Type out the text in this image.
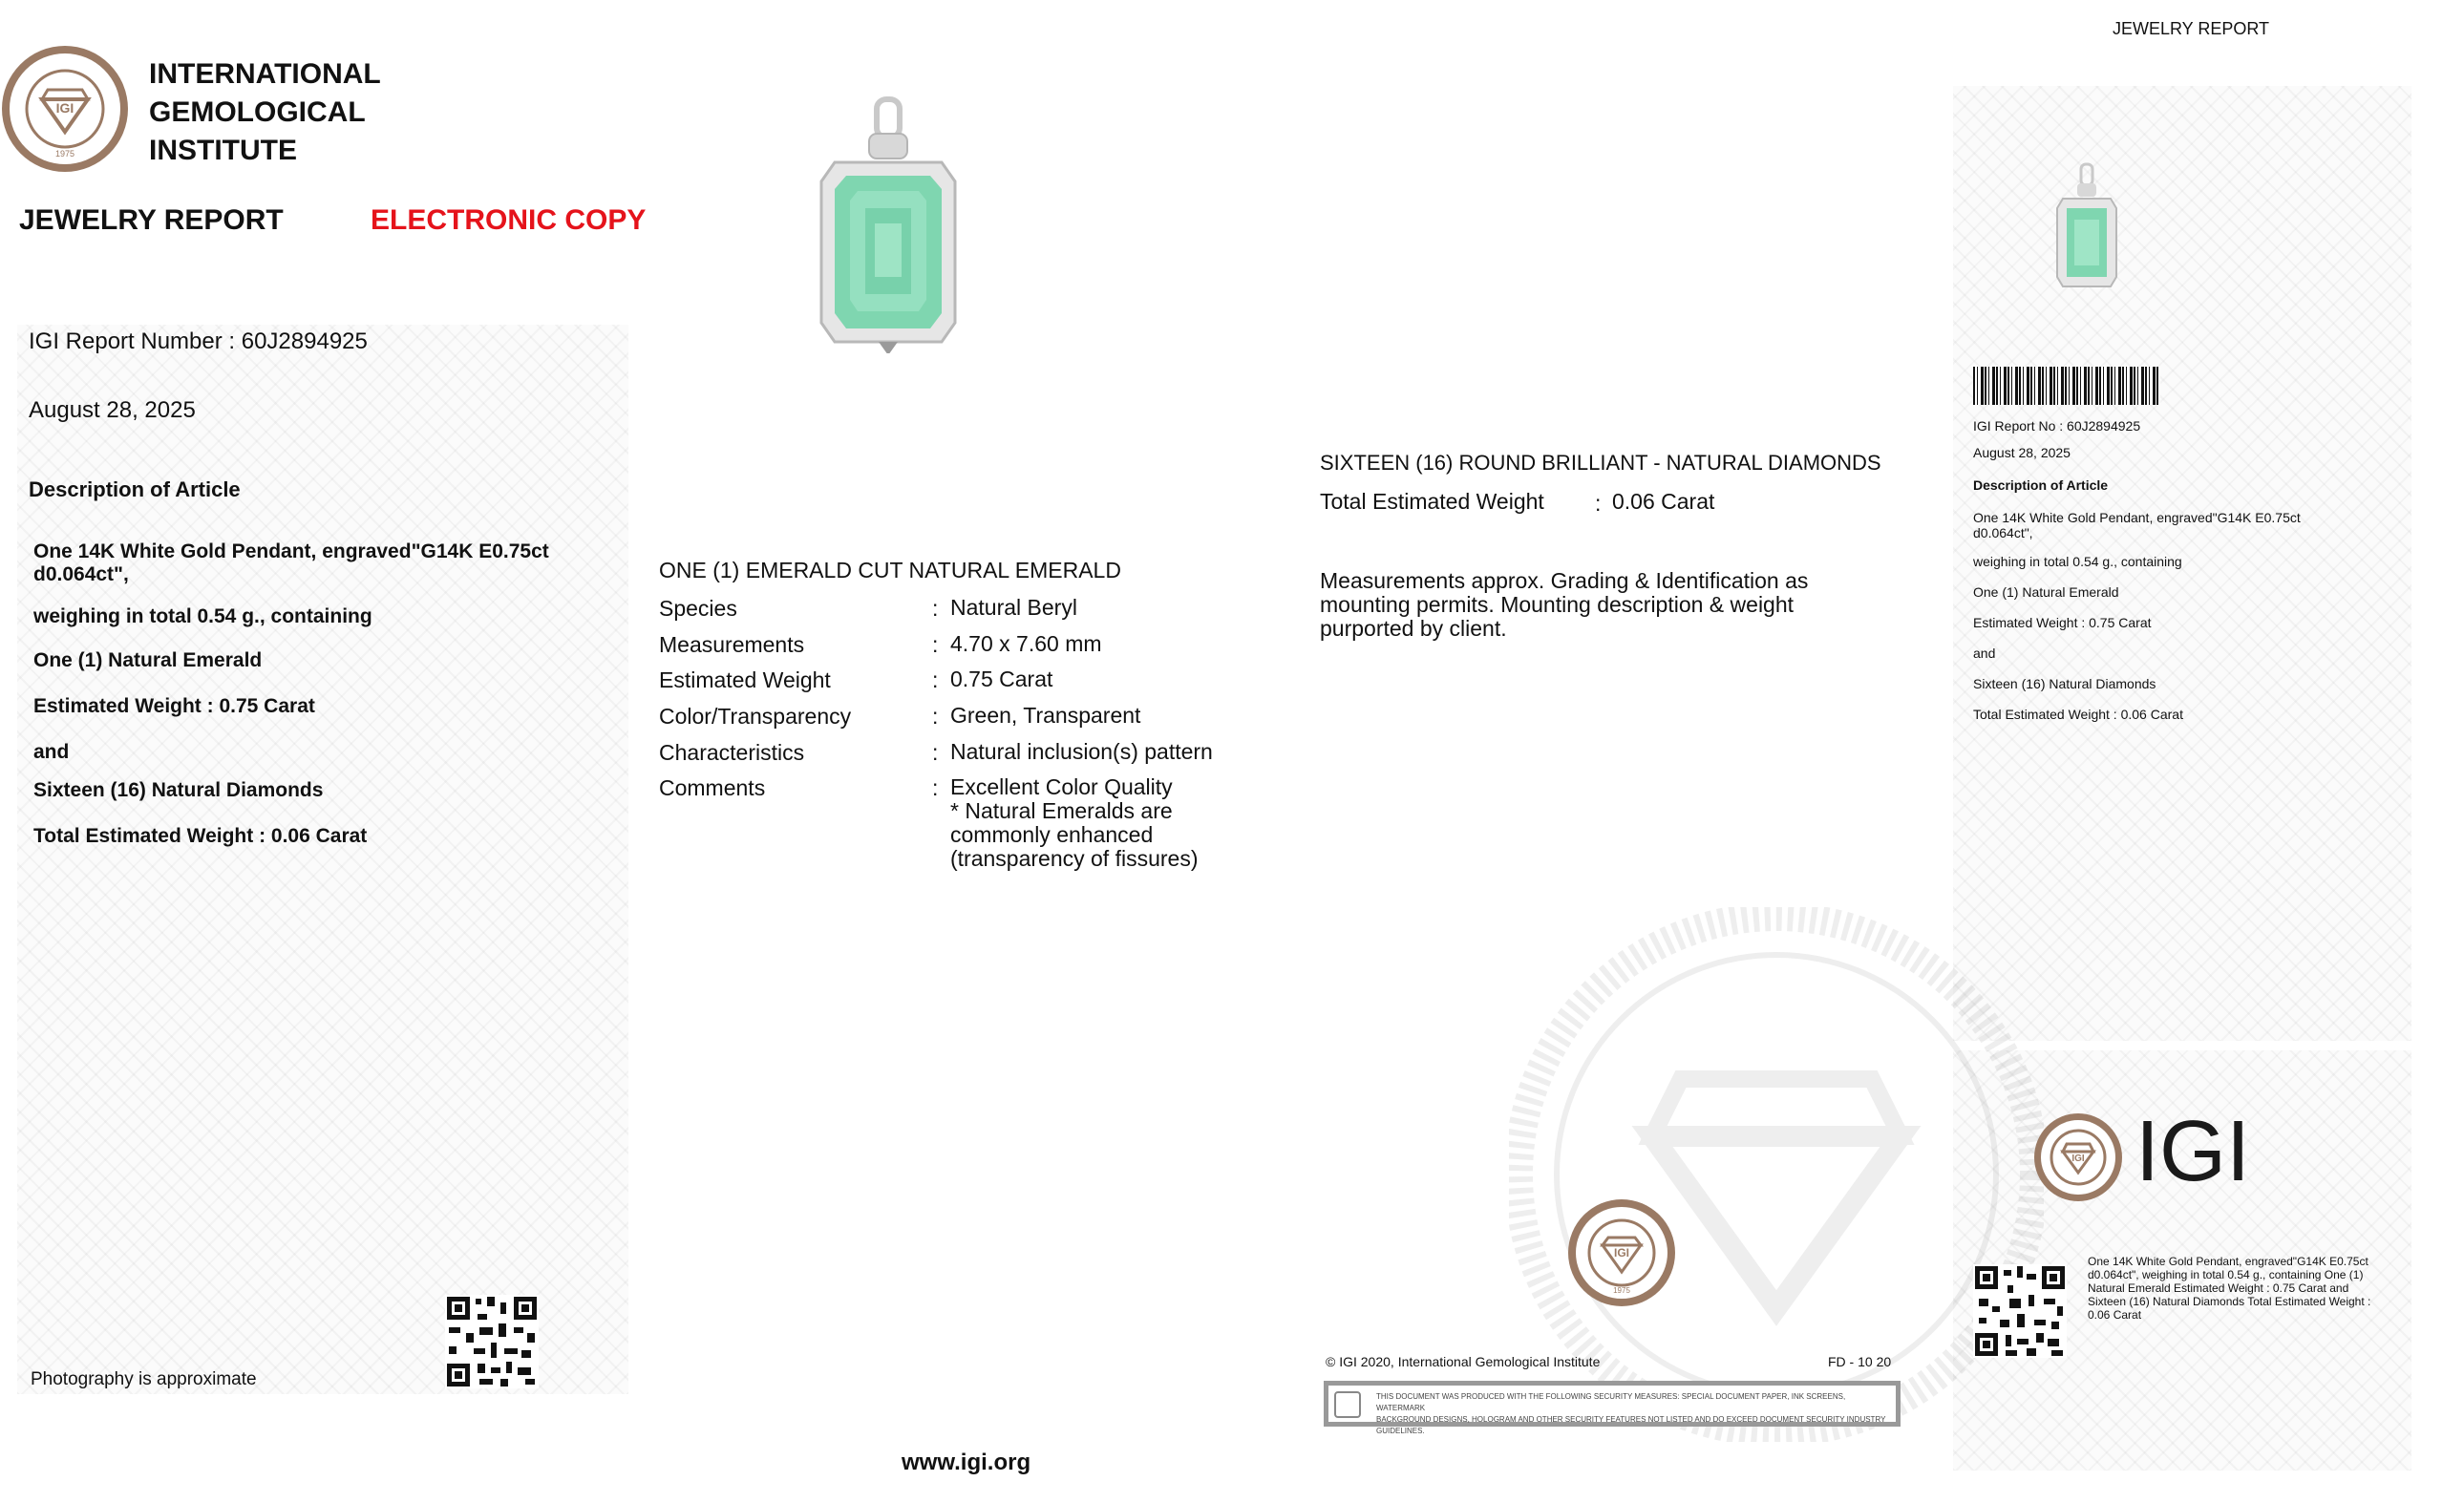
JEWELRY REPORT
IGI
1975
INTERNATIONAL
GEMOLOGICAL
INSTITUTE
JEWELRY REPORT	ELECTRONIC COPY
IGI Report Number : 60J2894925
August 28, 2025
Description of Article
One 14K White Gold Pendant, engraved"G14K E0.75ct
d0.064ct",
weighing in total 0.54 g., containing
One (1) Natural Emerald
Estimated Weight : 0.75 Carat
and
Sixteen (16) Natural Diamonds
Total Estimated Weight : 0.06 Carat
Photography is approximate
ONE (1) EMERALD CUT NATURAL EMERALD
Species	: Natural Beryl
Measurements	: 4.70 x 7.60 mm
Estimated Weight	: 0.75 Carat
Color/Transparency	: Green, Transparent
Characteristics	: Natural inclusion(s) pattern
Comments	: Excellent Color Quality
* Natural Emeralds are
commonly enhanced
(transparency of fissures)
SIXTEEN (16) ROUND BRILLIANT - NATURAL DIAMONDS
Total Estimated Weight : 0.06 Carat
Measurements approx. Grading & Identification as
mounting permits. Mounting description & weight
purported by client.
IGI
1975
© IGI 2020, International Gemological Institute	FD - 10 20
THIS DOCUMENT WAS PRODUCED WITH THE FOLLOWING SECURITY MEASURES: SPECIAL DOCUMENT PAPER, INK SCREENS, WATERMARK
BACKGROUND DESIGNS, HOLOGRAM AND OTHER SECURITY FEATURES NOT LISTED AND DO EXCEED DOCUMENT SECURITY INDUSTRY GUIDELINES.
www.igi.org
IGI Report No : 60J2894925
August 28, 2025
Description of Article
One 14K White Gold Pendant, engraved"G14K E0.75ct
d0.064ct",
weighing in total 0.54 g., containing
One (1) Natural Emerald
Estimated Weight : 0.75 Carat
and
Sixteen (16) Natural Diamonds
Total Estimated Weight : 0.06 Carat
IGI IGI
One 14K White Gold Pendant, engraved"G14K E0.75ct
d0.064ct", weighing in total 0.54 g., containing One (1)
Natural Emerald Estimated Weight : 0.75 Carat and
Sixteen (16) Natural Diamonds Total Estimated Weight :
0.06 Carat
